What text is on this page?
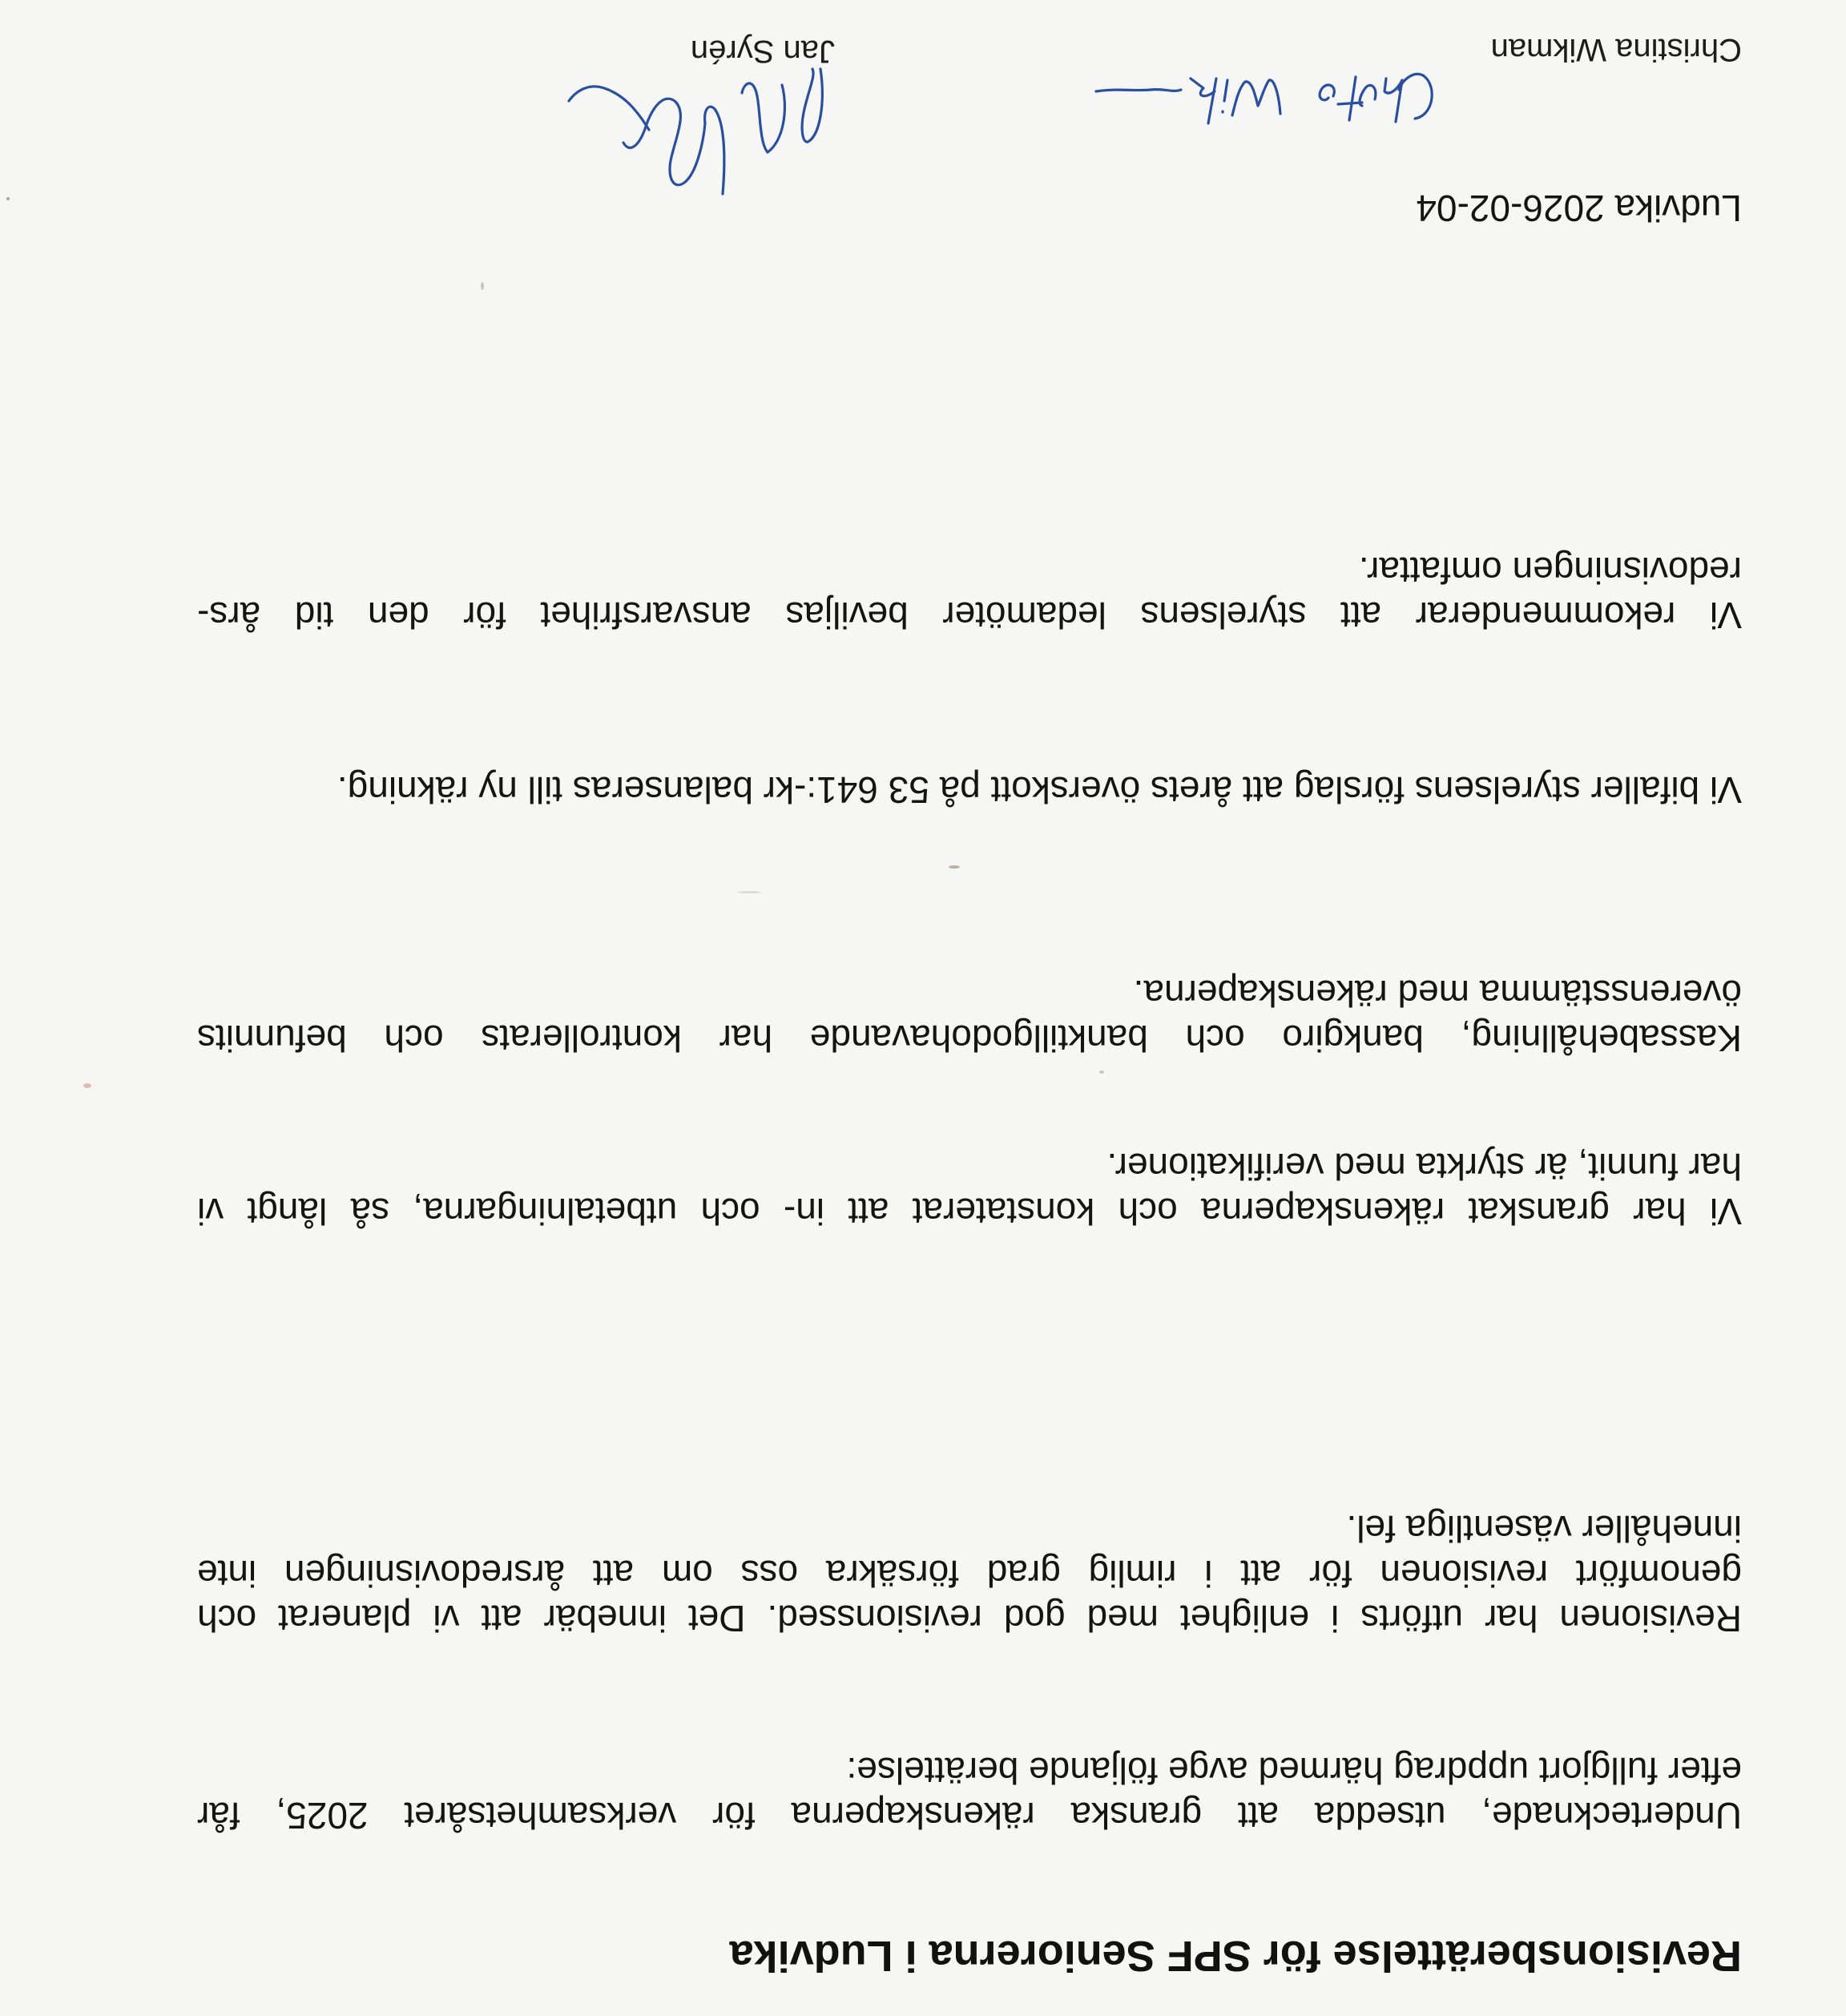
Revisionsberättelse för SPF Seniorerna i Ludvika
Undertecknade, utsedda att granska räkenskaperna för verksamhetsåret 2025, får
efter fullgjort uppdrag härmed avge följande berättelse:
Revisionen har utförts i enlighet med god revisionssed. Det innebär att vi planerat och
genomfört revisionen för att i rimlig grad försäkra oss om att årsredovisningen inte
innehåller väsentliga fel.
Vi har granskat räkenskaperna och konstaterat att in- och utbetalningarna, så långt vi
har funnit, är styrkta med verifikationer.
Kassabehållning, bankgiro och banktillgodohavande har kontrollerats och befunnits
överensstämma med räkenskaperna.
Vi bifaller styrelsens förslag att årets överskott på 53 641:-kr balanseras till ny räkning.
Vi rekommenderar att styrelsens ledamöter beviljas ansvarsfrihet för den tid års-
redovisningen omfattar.
Ludvika 2026-02-04
Christina Wikman
Jan Syrén
